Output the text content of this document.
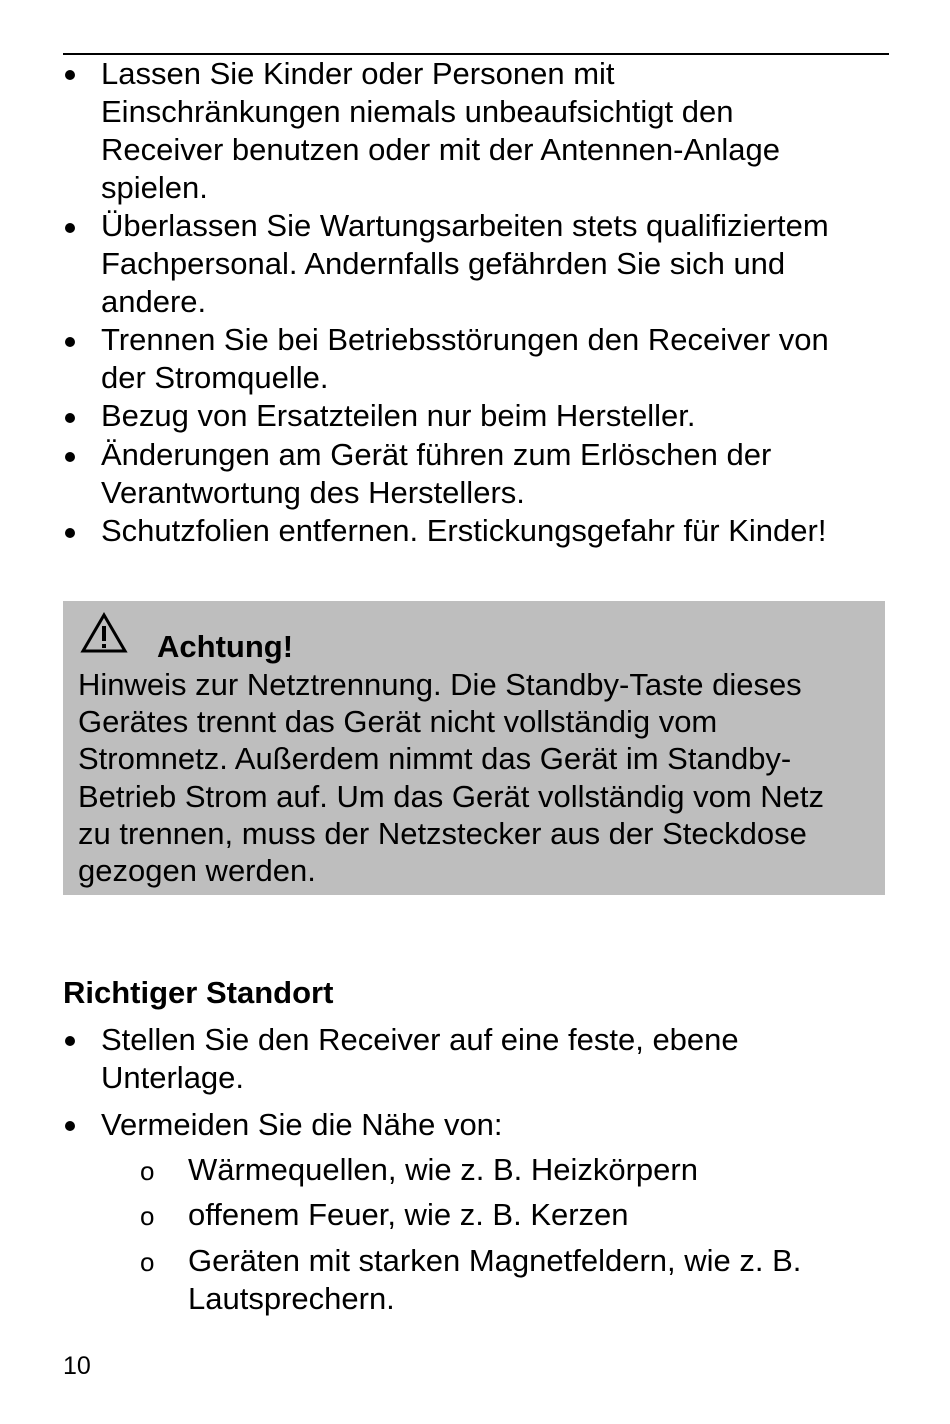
Lassen Sie Kinder oder Personen mit
Einschränkungen niemals unbeaufsichtigt den
Receiver benutzen oder mit der Antennen-Anlage
spielen.
Überlassen Sie Wartungsarbeiten stets qualifiziertem
Fachpersonal. Andernfalls gefährden Sie sich und
andere.
Trennen Sie bei Betriebsstörungen den Receiver von
der Stromquelle.
Bezug von Ersatzteilen nur beim Hersteller.
Änderungen am Gerät führen zum Erlöschen der
Verantwortung des Herstellers.
Schutzfolien entfernen. Erstickungsgefahr für Kinder!
Achtung!
Hinweis zur Netztrennung. Die Standby-Taste dieses
Gerätes trennt das Gerät nicht vollständig vom
Stromnetz. Außerdem nimmt das Gerät im Standby-
Betrieb Strom auf. Um das Gerät vollständig vom Netz
zu trennen, muss der Netzstecker aus der Steckdose
gezogen werden.
Richtiger Standort
Stellen Sie den Receiver auf eine feste, ebene
Unterlage.
Vermeiden Sie die Nähe von:
o Wärmequellen, wie z. B. Heizkörpern
o offenem Feuer, wie z. B. Kerzen
o Geräten mit starken Magnetfeldern, wie z. B.
Lautsprechern.
10
